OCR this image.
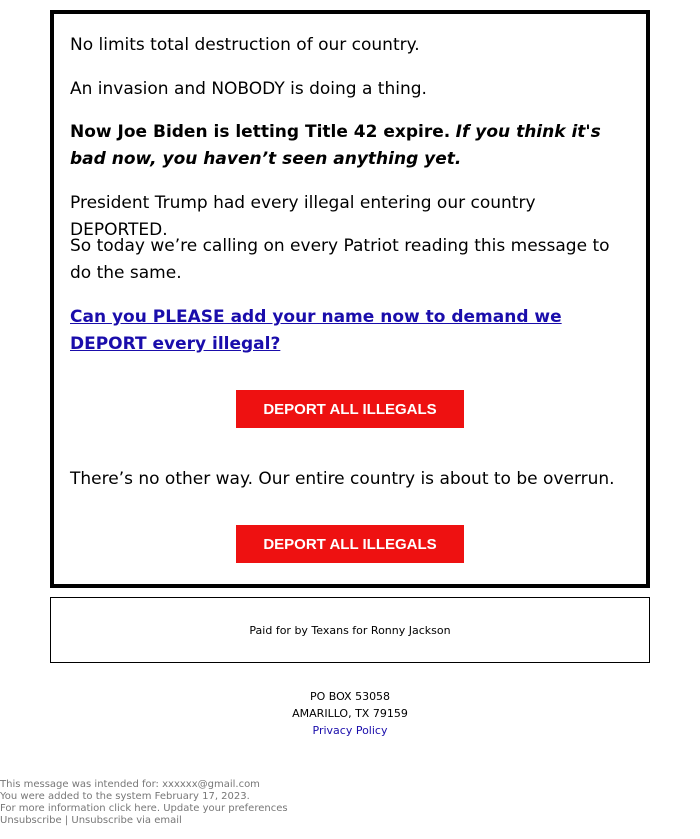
No limits total destruction of our country.

An invasion and NOBODY is doing a thing.

Now Joe Biden is letting Title 42 expire. If you think it's bad now, you haven’t seen anything yet.

President Trump had every illegal entering our country DEPORTED.

So today we’re calling on every Patriot reading this message to do the same.

Can you PLEASE add your name now to demand we DEPORT every illegal?

DEPORT ALL ILLEGALS

There’s no other way. Our entire country is about to be overrun.

DEPORT ALL ILLEGALS
Paid for by Texans for Ronny Jackson
PO BOX 53058
AMARILLO, TX 79159
Privacy Policy
This message was intended for: xxxxxx@gmail.com
You were added to the system February 17, 2023.
For more information click here. Update your preferences
Unsubscribe | Unsubscribe via email
